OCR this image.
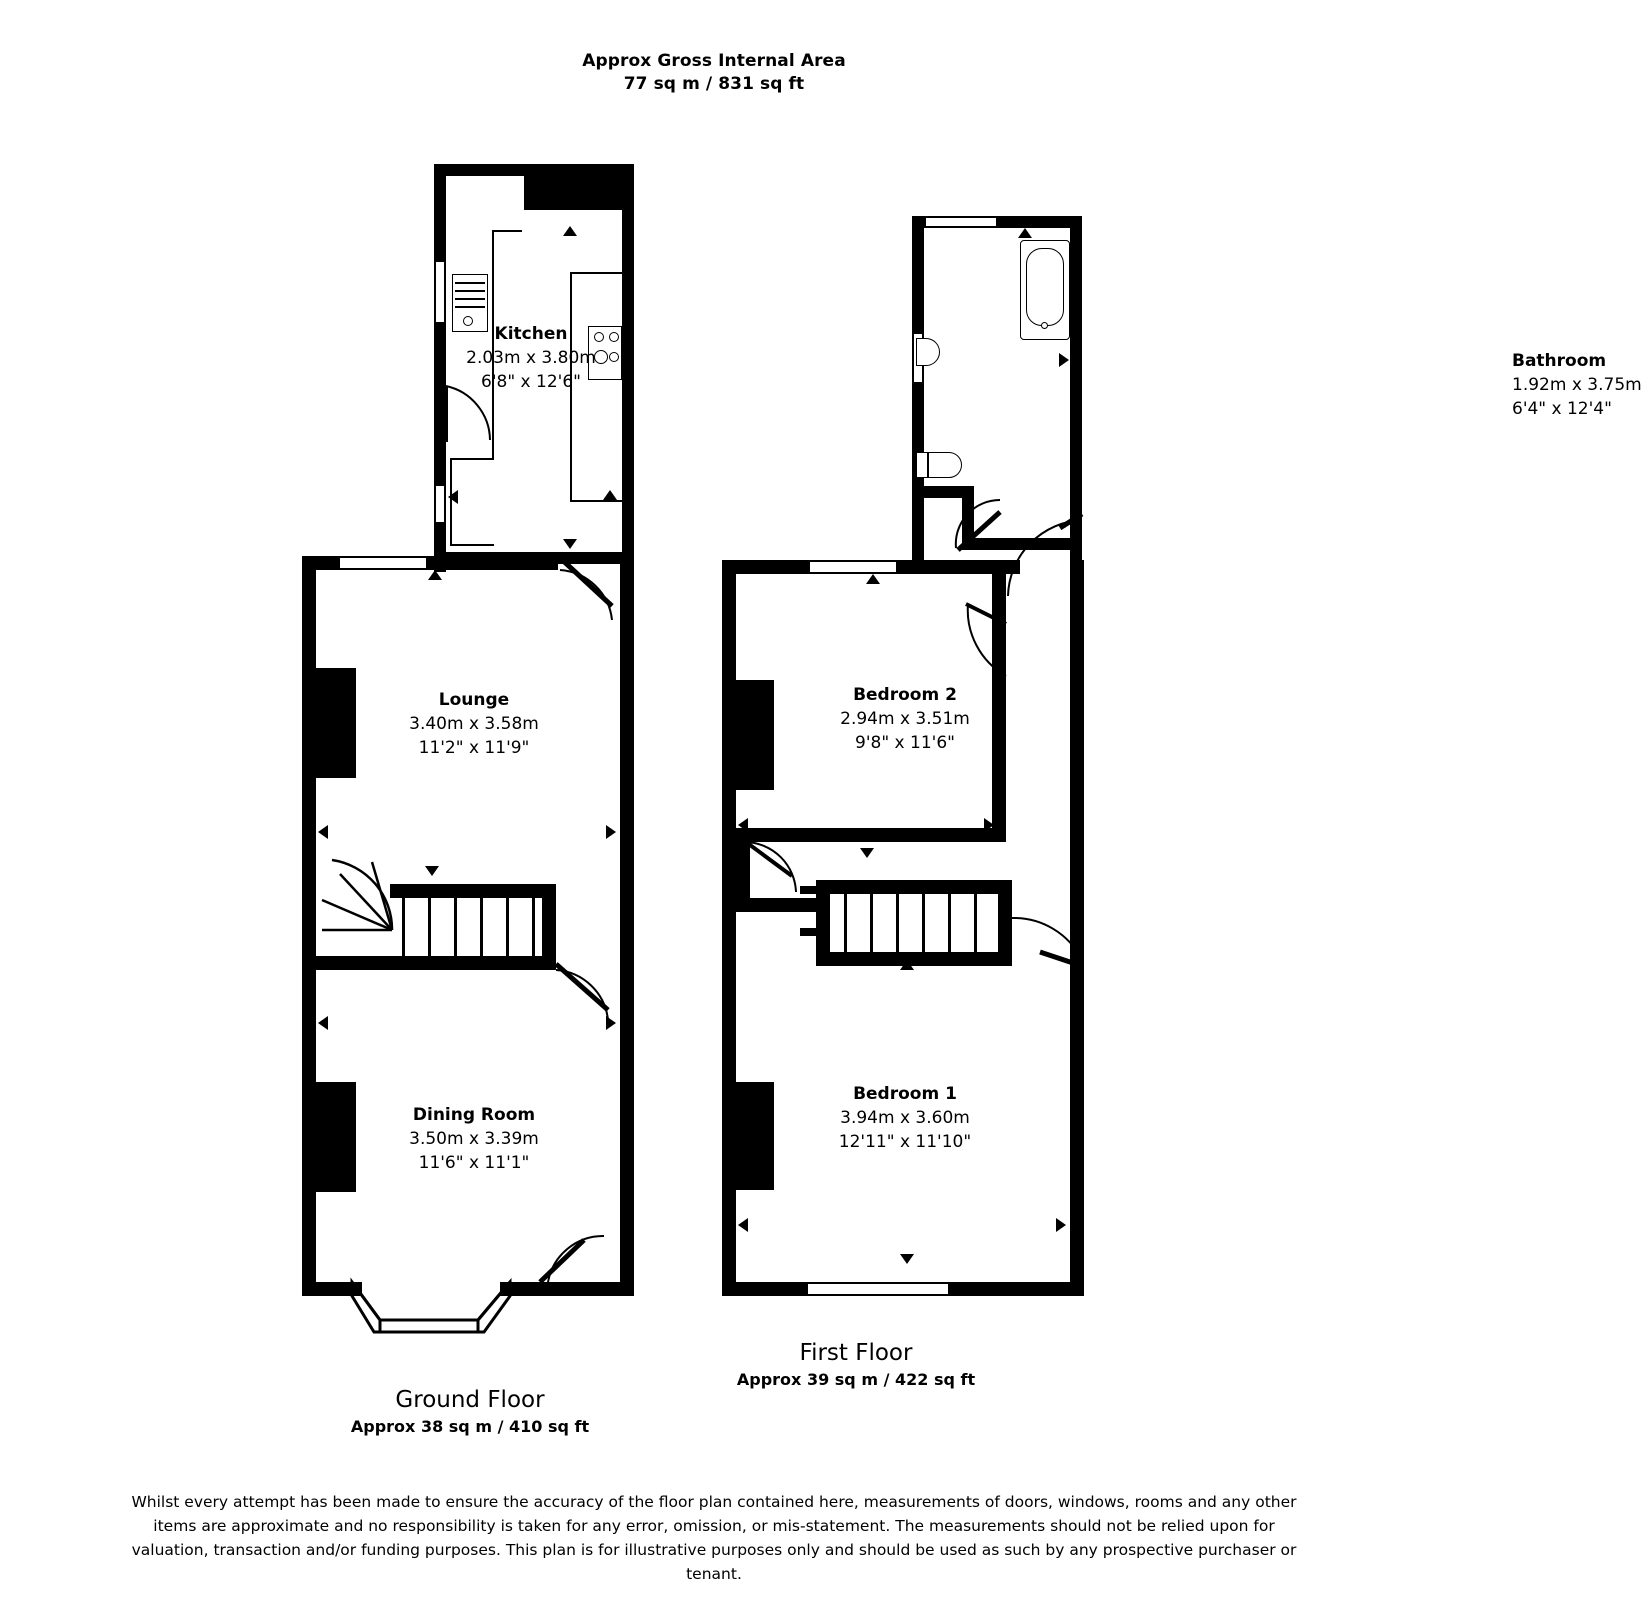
Approx Gross Internal Area
77 sq m / 831 sq ft
Kitchen
2.03m x 3.80m
6'8" x 12'6"
Lounge
3.40m x 3.58m
11'2" x 11'9"
Dining Room
3.50m x 3.39m
11'6" x 11'1"
Bathroom
1.92m x 3.75m
6'4" x 12'4"
Bedroom 2
2.94m x 3.51m
9'8" x 11'6"
Bedroom 1
3.94m x 3.60m
12'11" x 11'10"
Ground Floor
Approx 38 sq m / 410 sq ft
First Floor
Approx 39 sq m / 422 sq ft
Whilst every attempt has been made to ensure the accuracy of the floor plan contained here, measurements of doors, windows, rooms and any other items are approximate and no responsibility is taken for any error, omission, or mis-statement. The measurements should not be relied upon for valuation, transaction and/or funding purposes. This plan is for illustrative purposes only and should be used as such by any prospective purchaser or tenant.
